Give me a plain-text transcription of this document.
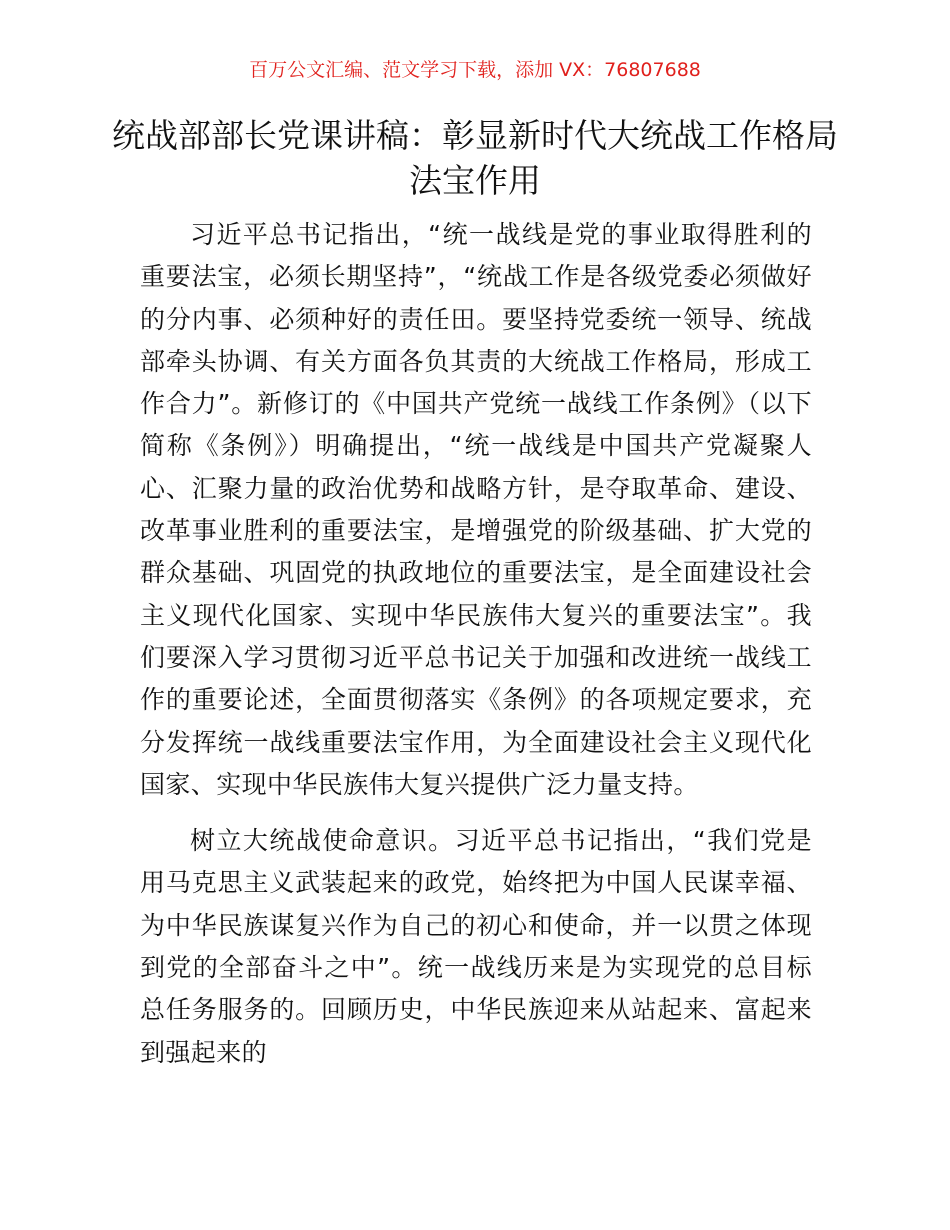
百万公文汇编、范文学习下载，添加 VX：76807688
统战部部长党课讲稿：彰显新时代大统战工作格局法宝作用

习近平总书记指出，“统一战线是党的事业取得胜利的重要法宝，必须长期坚持”，“统战工作是各级党委必须做好的分内事、必须种好的责任田。要坚持党委统一领导、统战部牵头协调、有关方面各负其责的大统战工作格局，形成工作合力”。新修订的《中国共产党统一战线工作条例》（以下简称《条例》）明确提出，“统一战线是中国共产党凝聚人心、汇聚力量的政治优势和战略方针，是夺取革命、建设、改革事业胜利的重要法宝，是增强党的阶级基础、扩大党的群众基础、巩固党的执政地位的重要法宝，是全面建设社会主义现代化国家、实现中华民族伟大复兴的重要法宝”。我们要深入学习贯彻习近平总书记关于加强和改进统一战线工作的重要论述，全面贯彻落实《条例》的各项规定要求，充分发挥统一战线重要法宝作用，为全面建设社会主义现代化国家、实现中华民族伟大复兴提供广泛力量支持。

树立大统战使命意识。习近平总书记指出，“我们党是用马克思主义武装起来的政党，始终把为中国人民谋幸福、为中华民族谋复兴作为自己的初心和使命，并一以贯之体现到党的全部奋斗之中”。统一战线历来是为实现党的总目标总任务服务的。回顾历史，中华民族迎来从站起来、富起来到强起来的
